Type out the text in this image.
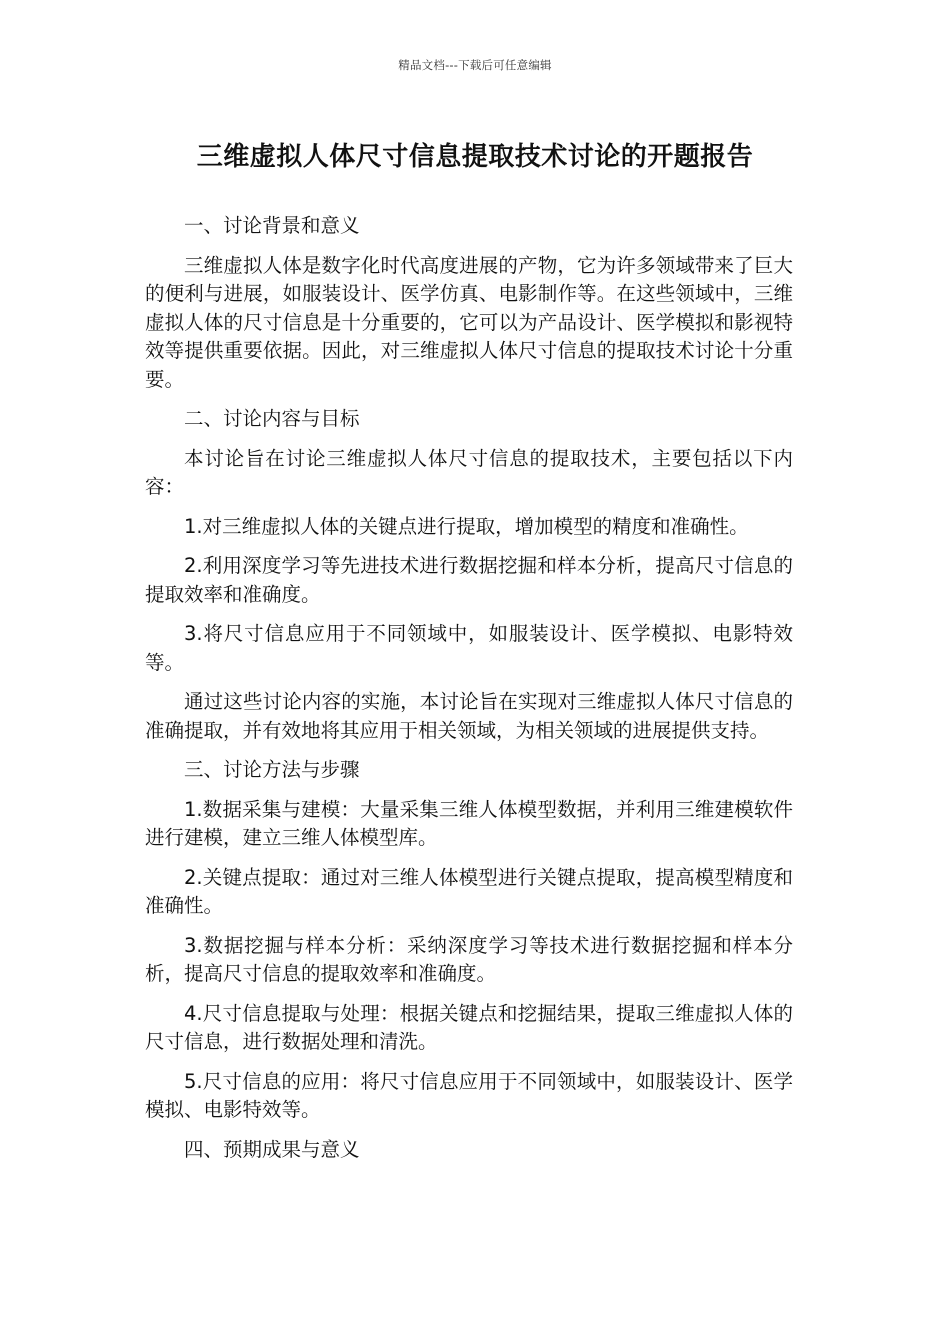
精品文档---下载后可任意编辑
三维虚拟人体尺寸信息提取技术讨论的开题报告

一、讨论背景和意义

三维虚拟人体是数字化时代高度进展的产物，它为许多领域带来了巨大的便利与进展，如服装设计、医学仿真、电影制作等。在这些领域中，三维虚拟人体的尺寸信息是十分重要的，它可以为产品设计、医学模拟和影视特效等提供重要依据。因此，对三维虚拟人体尺寸信息的提取技术讨论十分重要。

二、讨论内容与目标

本讨论旨在讨论三维虚拟人体尺寸信息的提取技术，主要包括以下内容：

1.对三维虚拟人体的关键点进行提取，增加模型的精度和准确性。

2.利用深度学习等先进技术进行数据挖掘和样本分析，提高尺寸信息的提取效率和准确度。

3.将尺寸信息应用于不同领域中，如服装设计、医学模拟、电影特效等。

通过这些讨论内容的实施，本讨论旨在实现对三维虚拟人体尺寸信息的准确提取，并有效地将其应用于相关领域，为相关领域的进展提供支持。

三、讨论方法与步骤

1.数据采集与建模：大量采集三维人体模型数据，并利用三维建模软件进行建模，建立三维人体模型库。

2.关键点提取：通过对三维人体模型进行关键点提取，提高模型精度和准确性。

3.数据挖掘与样本分析：采纳深度学习等技术进行数据挖掘和样本分析，提高尺寸信息的提取效率和准确度。

4.尺寸信息提取与处理：根据关键点和挖掘结果，提取三维虚拟人体的尺寸信息，进行数据处理和清洗。

5.尺寸信息的应用：将尺寸信息应用于不同领域中，如服装设计、医学模拟、电影特效等。

四、预期成果与意义
